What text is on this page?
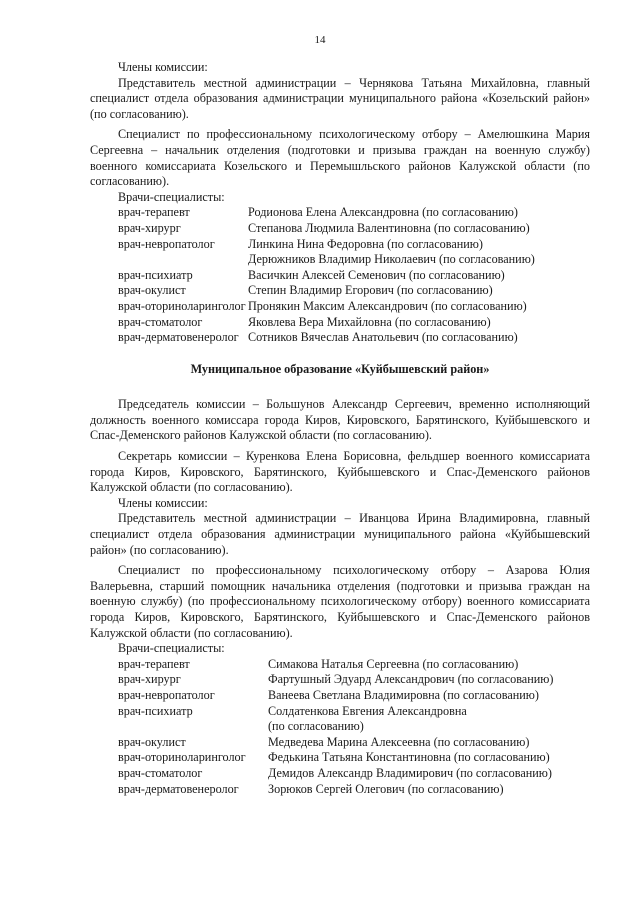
14

Члены комиссии:

Представитель местной администрации – Чернякова Татьяна Михайловна, главный специалист отдела образования администрации муниципального района «Козельский район» (по согласованию).

Специалист по профессиональному психологическому отбору – Амелюшкина Мария Сергеевна – начальник отделения (подготовки и призыва граждан на военную службу) военного комиссариата Козельского и Перемышльского районов Калужской области (по согласованию).

Врачи-специалисты:

врач-терапевт	Родионова Елена Александровна (по согласованию)
врач-хирург	Степанова Людмила Валентиновна (по согласованию)
врач-невропатолог	Линкина Нина Федоровна (по согласованию)
Дерюжников Владимир Николаевич (по согласованию)
врач-психиатр	Васичкин Алексей Семенович (по согласованию)
врач-окулист	Степин Владимир Егорович (по согласованию)
врач-оториноларинголог Пронякин Максим Александрович (по согласованию)
врач-стоматолог	Яковлева Вера Михайловна (по согласованию)
врач-дерматовенеролог Сотников Вячеслав Анатольевич (по согласованию)

Муниципальное образование «Куйбышевский район»

Председатель комиссии – Большунов Александр Сергеевич, временно исполняющий должность военного комиссара города Киров, Кировского, Барятинского, Куйбышевского и Спас-Деменского районов Калужской области (по согласованию).

Секретарь комиссии – Куренкова Елена Борисовна, фельдшер военного комиссариата города Киров, Кировского, Барятинского, Куйбышевского и Спас-Деменского районов Калужской области (по согласованию).

Члены комиссии:

Представитель местной администрации – Иванцова Ирина Владимировна, главный специалист отдела образования администрации муниципального района «Куйбышевский район» (по согласованию).

Специалист по профессиональному психологическому отбору – Азарова Юлия Валерьевна, старший помощник начальника отделения (подготовки и призыва граждан на военную службу) (по профессиональному психологическому отбору) военного комиссариата города Киров, Кировского, Барятинского, Куйбышевского и Спас-Деменского районов Калужской области (по согласованию).

Врачи-специалисты:

врач-терапевт	Симакова Наталья Сергеевна (по согласованию)
врач-хирург	Фартушный Эдуард Александрович (по согласованию)
врач-невропатолог	Ванеева Светлана Владимировна (по согласованию)
врач-психиатр	Солдатенкова Евгения Александровна
(по согласованию)
врач-окулист	Медведева Марина Алексеевна (по согласованию)
врач-оториноларинголог	Федькина Татьяна Константиновна (по согласованию)
врач-стоматолог	Демидов Александр Владимирович (по согласованию)
врач-дерматовенеролог	Зорюков Сергей Олегович (по согласованию)
